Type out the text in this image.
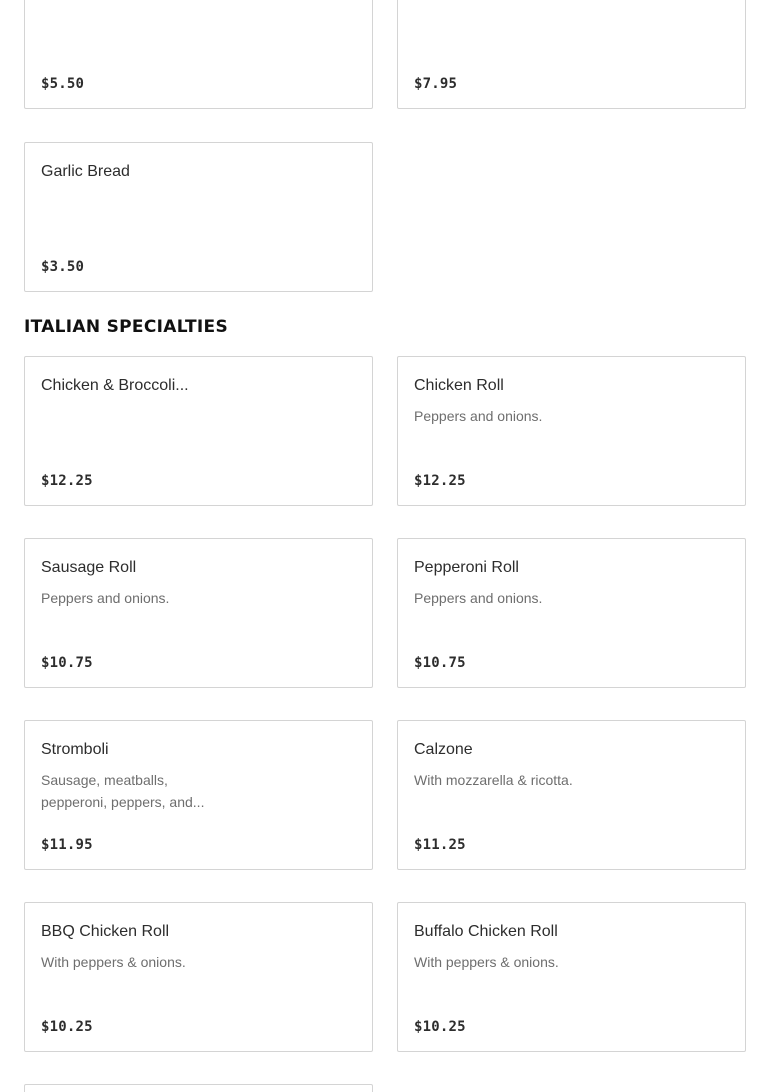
$5.50	$7.95
Garlic Bread
$3.50
ITALIAN SPECIALTIES
Chicken & Broccoli...
$12.25
Chicken Roll
Peppers and onions.
$12.25
Sausage Roll
Peppers and onions.
$10.75
Pepperoni Roll
Peppers and onions.
$10.75
Stromboli
Sausage, meatballs, pepperoni, peppers, and...
$11.95
Calzone
With mozzarella & ricotta.
$11.25
BBQ Chicken Roll
With peppers & onions.
$10.25
Buffalo Chicken Roll
With peppers & onions.
$10.25
